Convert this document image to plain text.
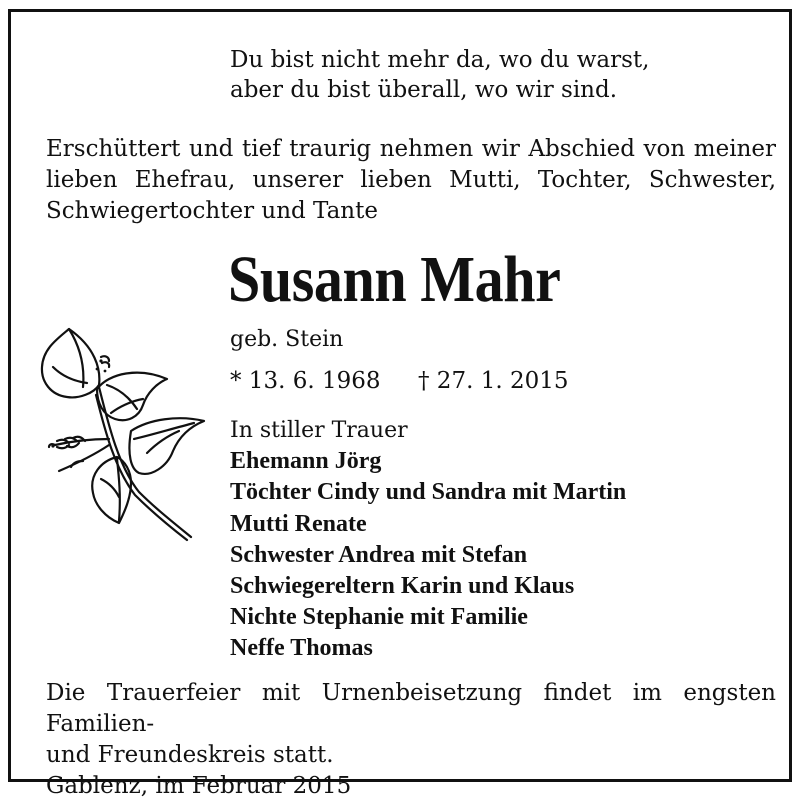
Du bist nicht mehr da, wo du warst,
aber du bist überall, wo wir sind.
Erschüttert und tief traurig nehmen wir Abschied von meiner
lieben Ehefrau, unserer lieben Mutti, Tochter, Schwester,
Schwiegertochter und Tante
Susann Mahr
geb. Stein
* 13. 6. 1968 † 27. 1. 2015
In stiller Trauer
Ehemann Jörg
Töchter Cindy und Sandra mit Martin
Mutti Renate
Schwester Andrea mit Stefan
Schwiegereltern Karin und Klaus
Nichte Stephanie mit Familie
Neffe Thomas
Die Trauerfeier mit Urnenbeisetzung findet im engsten Familien-
und Freundeskreis statt.
Gablenz, im Februar 2015
